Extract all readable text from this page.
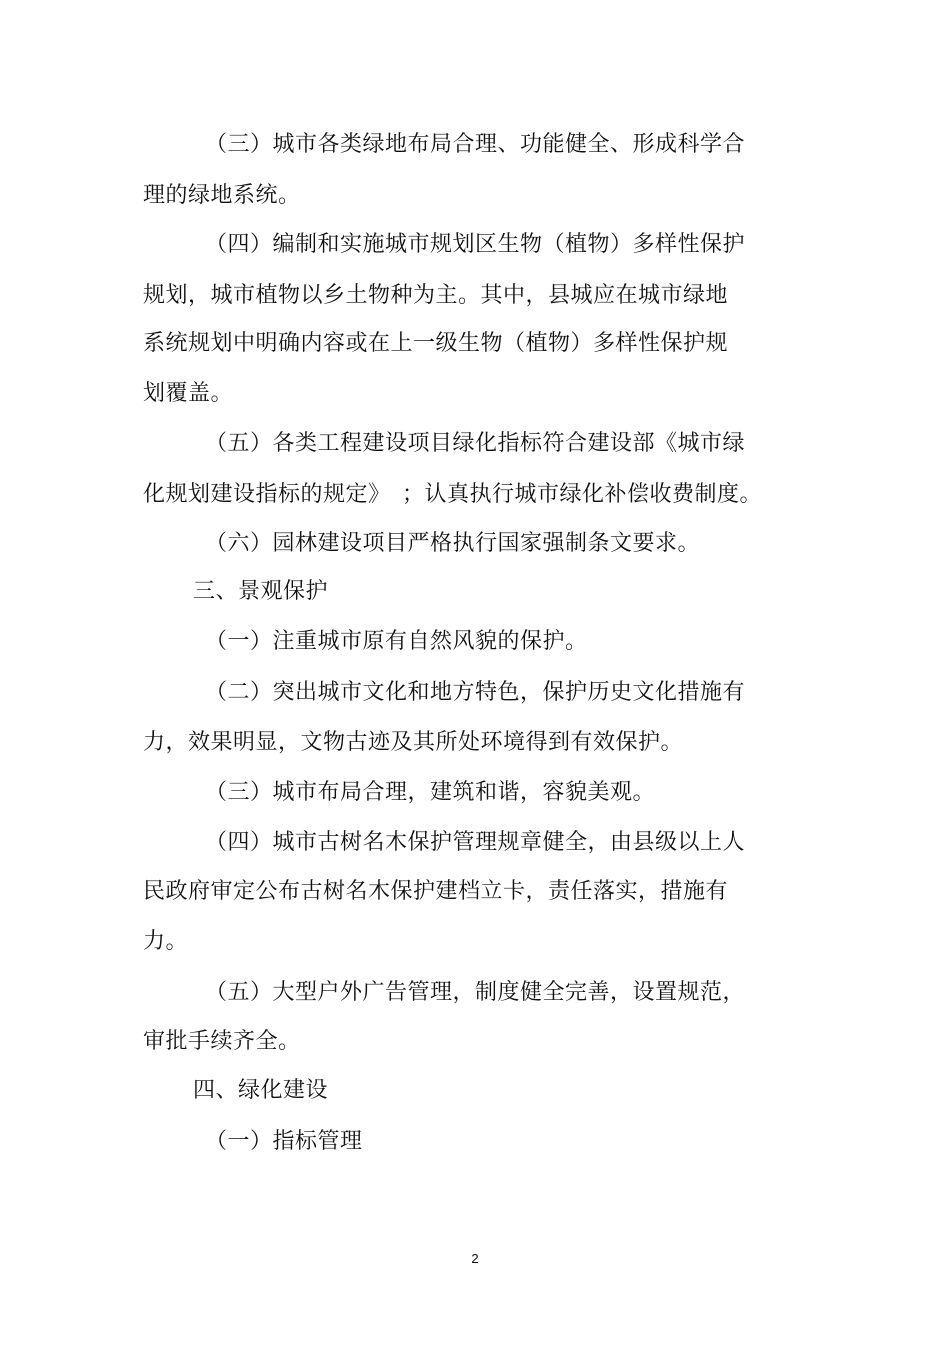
（三）城市各类绿地布局合理、功能健全、形成科学合
理的绿地系统。
（四）编制和实施城市规划区生物（植物）多样性保护
规划，城市植物以乡土物种为主。其中，县城应在城市绿地
系统规划中明确内容或在上一级生物（植物）多样性保护规
划覆盖。
（五）各类工程建设项目绿化指标符合建设部《城市绿
化规划建设指标的规定》　；认真执行城市绿化补偿收费制度。
（六）园林建设项目严格执行国家强制条文要求。
三、景观保护
（一）注重城市原有自然风貌的保护。
（二）突出城市文化和地方特色，保护历史文化措施有
力，效果明显，文物古迹及其所处环境得到有效保护。
（三）城市布局合理，建筑和谐，容貌美观。
（四）城市古树名木保护管理规章健全，由县级以上人
民政府审定公布古树名木保护建档立卡，责任落实，措施有
力。
（五）大型户外广告管理，制度健全完善，设置规范，
审批手续齐全。
四、绿化建设
（一）指标管理
2
